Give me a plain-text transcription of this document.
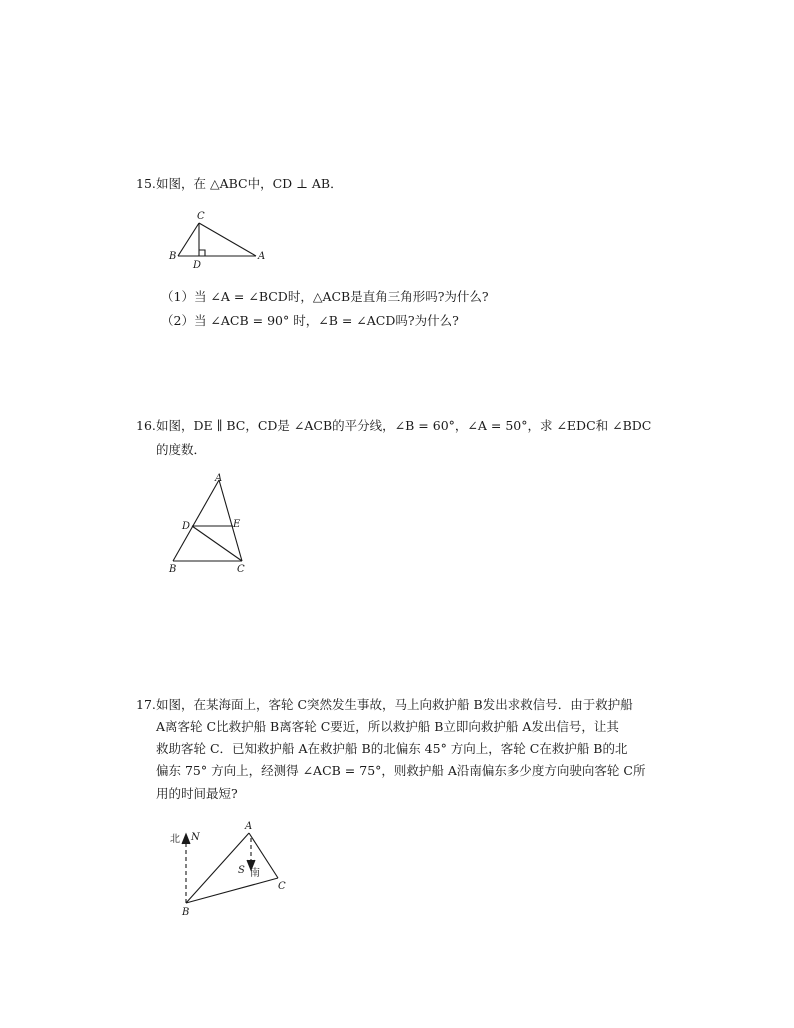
15. 如图，在 △ABC中，CD ⊥ AB．
C
B
D
A
（1）当 ∠A = ∠BCD时，△ACB是直角三角形吗?为什么?
（2）当 ∠ACB = 90° 时，∠B = ∠ACD吗?为什么?
16. 如图，DE ∥ BC，CD是 ∠ACB的平分线，∠B = 60°，∠A = 50°，求 ∠EDC和 ∠BDC
的度数．
A
D	E
B	C
17. 如图，在某海面上，客轮 C突然发生事故，马上向救护船 B发出求救信号．由于救护船
A离客轮 C比救护船 B离客轮 C要近，所以救护船 B立即向救护船 A发出信号，让其
救助客轮 C．已知救护船 A在救护船 B的北偏东 45° 方向上，客轮 C在救护船 B的北
偏东 75° 方向上，经测得 ∠ACB = 75°，则救护船 A沿南偏东多少度方向驶向客轮 C所
用的时间最短?
北 N
A
S 南
C
B
